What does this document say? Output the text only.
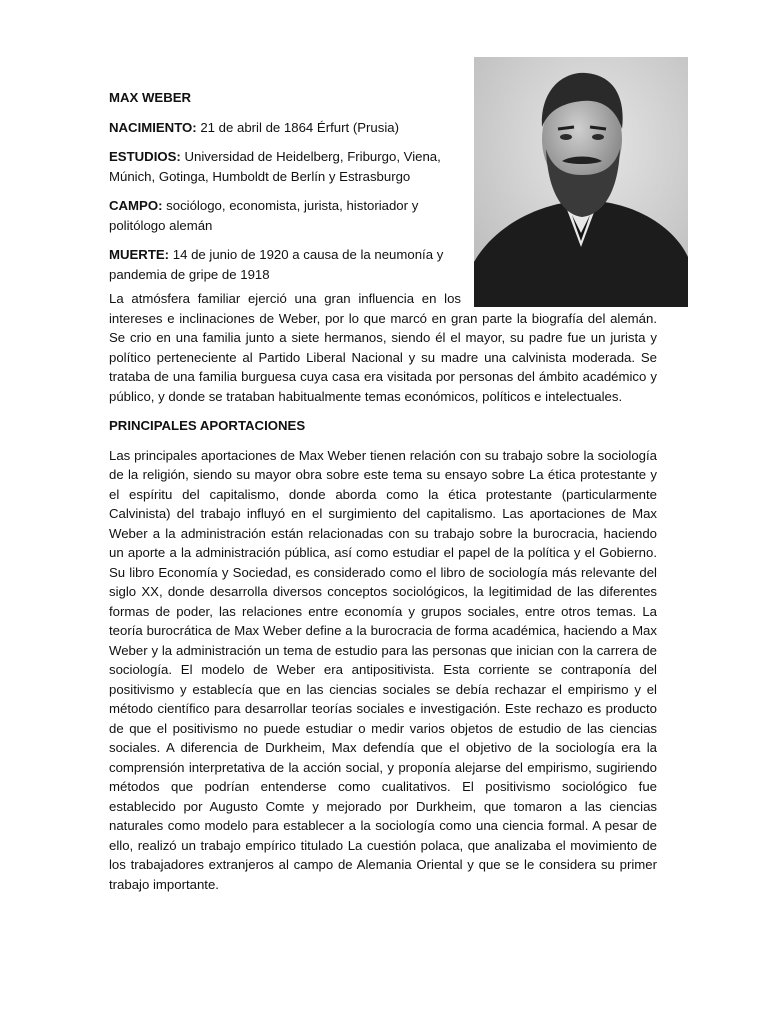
MAX WEBER

NACIMIENTO: 21 de abril de 1864 Érfurt (Prusia)

ESTUDIOS: Universidad de Heidelberg, Friburgo, Viena, Múnich, Gotinga, Humboldt de Berlín y Estrasburgo

CAMPO: sociólogo, economista, jurista, historiador y politólogo alemán

MUERTE: 14 de junio de 1920 a causa de la neumonía y pandemia de gripe de 1918

La atmósfera familiar ejerció una gran influencia en los intereses e inclinaciones de Weber, por lo que marcó en gran parte la biografía del alemán. Se crio en una familia junto a siete hermanos, siendo él el mayor, su padre fue un jurista y político perteneciente al Partido Liberal Nacional y su madre una calvinista moderada. Se trataba de una familia burguesa cuya casa era visitada por personas del ámbito académico y público, y donde se trataban habitualmente temas económicos, políticos e intelectuales.

PRINCIPALES APORTACIONES

Las principales aportaciones de Max Weber tienen relación con su trabajo sobre la sociología de la religión, siendo su mayor obra sobre este tema su ensayo sobre La ética protestante y el espíritu del capitalismo, donde aborda como la ética protestante (particularmente Calvinista) del trabajo influyó en el surgimiento del capitalismo. Las aportaciones de Max Weber a la administración están relacionadas con su trabajo sobre la burocracia, haciendo un aporte a la administración pública, así como estudiar el papel de la política y el Gobierno. Su libro Economía y Sociedad, es considerado como el libro de sociología más relevante del siglo XX, donde desarrolla diversos conceptos sociológicos, la legitimidad de las diferentes formas de poder, las relaciones entre economía y grupos sociales, entre otros temas. La teoría burocrática de Max Weber define a la burocracia de forma académica, haciendo a Max Weber y la administración un tema de estudio para las personas que inician con la carrera de sociología. El modelo de Weber era antipositivista. Esta corriente se contraponía del positivismo y establecía que en las ciencias sociales se debía rechazar el empirismo y el método científico para desarrollar teorías sociales e investigación. Este rechazo es producto de que el positivismo no puede estudiar o medir varios objetos de estudio de las ciencias sociales. A diferencia de Durkheim, Max defendía que el objetivo de la sociología era la comprensión interpretativa de la acción social, y proponía alejarse del empirismo, sugiriendo métodos que podrían entenderse como cualitativos. El positivismo sociológico fue establecido por Augusto Comte y mejorado por Durkheim, que tomaron a las ciencias naturales como modelo para establecer a la sociología como una ciencia formal. A pesar de ello, realizó un trabajo empírico titulado La cuestión polaca, que analizaba el movimiento de los trabajadores extranjeros al campo de Alemania Oriental y que se le considera su primer trabajo importante.
